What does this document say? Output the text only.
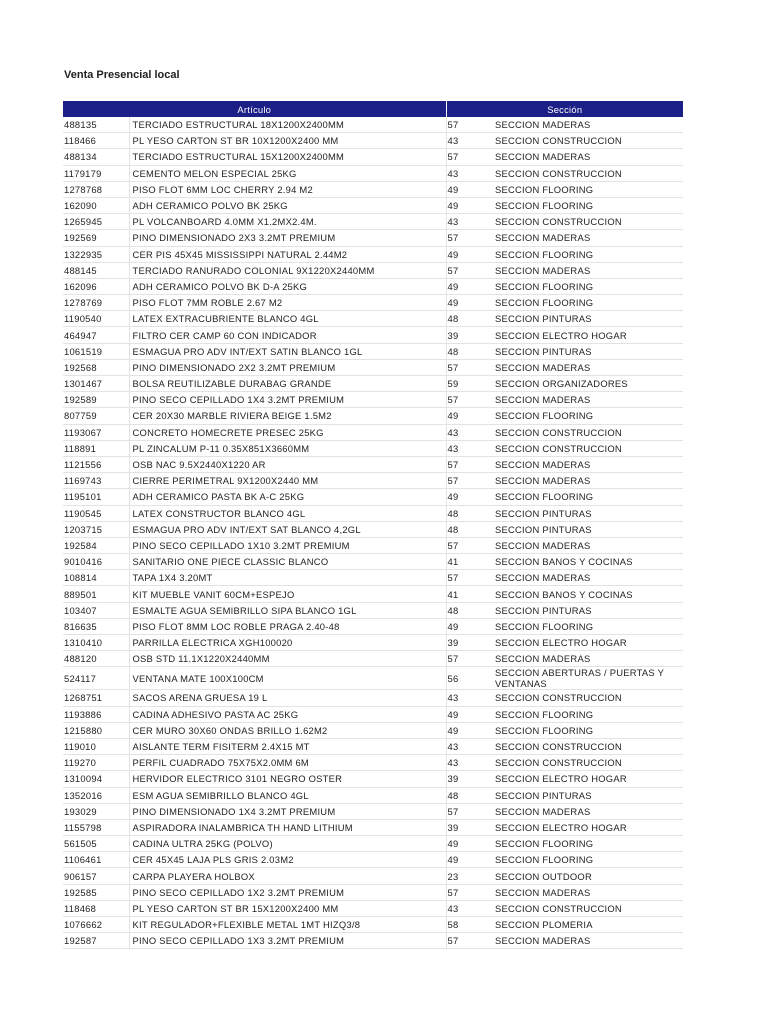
Venta Presencial local
Artículo		Sección	
488135	TERCIADO ESTRUCTURAL 18X1200X2400MM	57	SECCION MADERAS
118466	PL YESO CARTON ST BR 10X1200X2400 MM	43	SECCION CONSTRUCCION
488134	TERCIADO ESTRUCTURAL 15X1200X2400MM	57	SECCION MADERAS
1179179	CEMENTO MELON ESPECIAL 25KG	43	SECCION CONSTRUCCION
1278768	PISO FLOT 6MM LOC CHERRY 2.94 M2	49	SECCION FLOORING
162090	ADH CERAMICO POLVO BK 25KG	49	SECCION FLOORING
1265945	PL VOLCANBOARD 4.0MM X1.2MX2.4M.	43	SECCION CONSTRUCCION
192569	PINO DIMENSIONADO 2X3 3.2MT PREMIUM	57	SECCION MADERAS
1322935	CER PIS 45X45 MISSISSIPPI NATURAL 2.44M2	49	SECCION FLOORING
488145	TERCIADO RANURADO COLONIAL 9X1220X2440MM	57	SECCION MADERAS
162096	ADH CERAMICO POLVO BK D-A 25KG	49	SECCION FLOORING
1278769	PISO FLOT 7MM ROBLE 2.67 M2	49	SECCION FLOORING
1190540	LATEX EXTRACUBRIENTE BLANCO 4GL	48	SECCION PINTURAS
464947	FILTRO CER CAMP 60 CON INDICADOR	39	SECCION ELECTRO HOGAR
1061519	ESMAGUA PRO ADV INT/EXT SATIN BLANCO 1GL	48	SECCION PINTURAS
192568	PINO DIMENSIONADO 2X2 3.2MT PREMIUM	57	SECCION MADERAS
1301467	BOLSA REUTILIZABLE DURABAG GRANDE	59	SECCION ORGANIZADORES
192589	PINO SECO CEPILLADO 1X4 3.2MT PREMIUM	57	SECCION MADERAS
807759	CER 20X30 MARBLE RIVIERA BEIGE 1.5M2	49	SECCION FLOORING
1193067	CONCRETO HOMECRETE PRESEC 25KG	43	SECCION CONSTRUCCION
118891	PL ZINCALUM P-11 0.35X851X3660MM	43	SECCION CONSTRUCCION
1121556	OSB NAC 9.5X2440X1220 AR	57	SECCION MADERAS
1169743	CIERRE PERIMETRAL 9X1200X2440 MM	57	SECCION MADERAS
1195101	ADH CERAMICO PASTA BK A-C 25KG	49	SECCION FLOORING
1190545	LATEX CONSTRUCTOR BLANCO 4GL	48	SECCION PINTURAS
1203715	ESMAGUA PRO ADV INT/EXT SAT BLANCO 4,2GL	48	SECCION PINTURAS
192584	PINO SECO CEPILLADO 1X10 3.2MT PREMIUM	57	SECCION MADERAS
9010416	SANITARIO ONE PIECE CLASSIC BLANCO	41	SECCION BANOS Y COCINAS
108814	TAPA 1X4 3.20MT	57	SECCION MADERAS
889501	KIT MUEBLE VANIT 60CM+ESPEJO	41	SECCION BANOS Y COCINAS
103407	ESMALTE AGUA SEMIBRILLO SIPA BLANCO 1GL	48	SECCION PINTURAS
816635	PISO FLOT 8MM LOC ROBLE PRAGA 2.40-48	49	SECCION FLOORING
1310410	PARRILLA ELECTRICA XGH100020	39	SECCION ELECTRO HOGAR
488120	OSB STD 11.1X1220X2440MM	57	SECCION MADERAS
524117	VENTANA MATE 100X100CM	56	SECCION ABERTURAS / PUERTAS Y VENTANAS
1268751	SACOS ARENA GRUESA 19 L	43	SECCION CONSTRUCCION
1193886	CADINA ADHESIVO PASTA AC 25KG	49	SECCION FLOORING
1215880	CER MURO 30X60 ONDAS BRILLO 1.62M2	49	SECCION FLOORING
119010	AISLANTE TERM FISITERM 2.4X15 MT	43	SECCION CONSTRUCCION
119270	PERFIL CUADRADO 75X75X2.0MM 6M	43	SECCION CONSTRUCCION
1310094	HERVIDOR ELECTRICO 3101 NEGRO OSTER	39	SECCION ELECTRO HOGAR
1352016	ESM AGUA SEMIBRILLO BLANCO 4GL	48	SECCION PINTURAS
193029	PINO DIMENSIONADO 1X4 3.2MT PREMIUM	57	SECCION MADERAS
1155798	ASPIRADORA INALAMBRICA TH HAND LITHIUM	39	SECCION ELECTRO HOGAR
561505	CADINA ULTRA 25KG (POLVO)	49	SECCION FLOORING
1106461	CER 45X45 LAJA PLS GRIS 2.03M2	49	SECCION FLOORING
906157	CARPA PLAYERA HOLBOX	23	SECCION OUTDOOR
192585	PINO SECO CEPILLADO 1X2 3.2MT PREMIUM	57	SECCION MADERAS
118468	PL YESO CARTON ST BR 15X1200X2400 MM	43	SECCION CONSTRUCCION
1076662	KIT REGULADOR+FLEXIBLE METAL 1MT HIZQ3/8	58	SECCION PLOMERIA
192587	PINO SECO CEPILLADO 1X3 3.2MT PREMIUM	57	SECCION MADERAS
